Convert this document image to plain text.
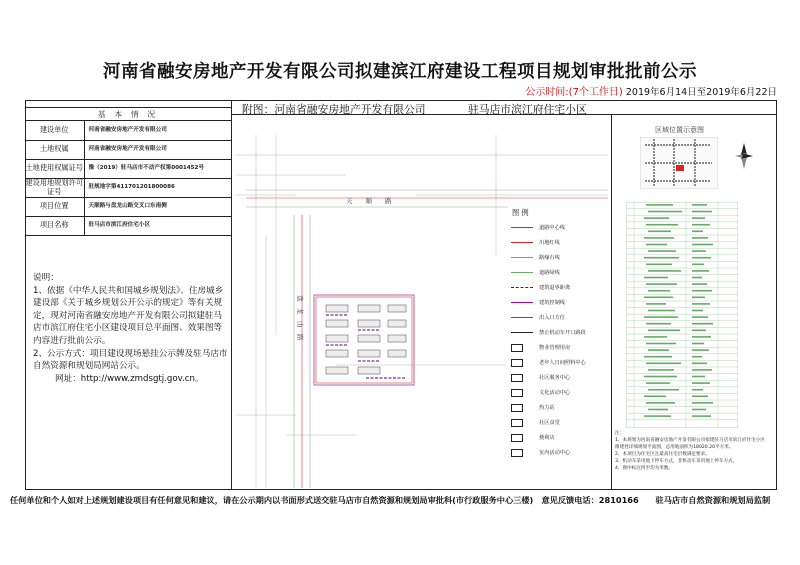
河南省融安房地产开发有限公司拟建滨江府建设工程项目规划审批批前公示
公示时间:(7个工作日) 2019年6月14日至2019年6月22日
基 本 情 况
建设单位	河南省融安房地产开发有限公司
土地权属	河南省融安房地产开发有限公司
土地使用权属证号	豫（2019）驻马店市不动产权第0001452号
建设用地规划许可证号	驻规地字第411701201800086
项目位置	天顺路与盘龙山路交叉口东南侧
项目名称	驻马店市滨江府住宅小区
说明：
1、依据《中华人民共和国城乡规划法》、住房城乡建设部《关于城乡规划公开公示的规定》等有关规定，现对河南省融安房地产开发有限公司拟建驻马店市滨江府住宅小区建设项目总平面图、效果图等内容进行批前公示。
2、公示方式：项目建设现场悬挂公示牌及驻马店市自然资源和规划局网站公示。
网址：http://www.zmdsgtj.gov.cn。
附图：河南省融安房地产开发有限公司	驻马店市滨江府住宅小区
天　　顺　　路
盘　龙　山　路
图 例
道路中心线
川地红线
路缘石线
道路绿线
建筑退界距离
建筑控制线
出入口方位
禁止机动车开口路段
物业管理用房
老年人日间照料中心
社区服务中心
文化活动中心
热力站
社区食堂
便利店
室内活动中心
区域位置示意图
注：
1、本规划为河南省融安房地产开发有限公司拟建驻马店市滨江府住宅小区
修建性详细规划平面图，总用地面积为18020.20平方米。
2、本项目为住宅区且最高住宅层数满足要求。
3、机动车采用地下停车方式，非机动车采用地上停车方式。
4、图中标注四至均为米数。
任何单位和个人如对上述规划建设项目有任何意见和建议，请在公示期内以书面形式送交驻马店市自然资源和规划局审批科(市行政服务中心三楼)　意见反馈电话：2810166 驻马店市自然资源和规划局监制
